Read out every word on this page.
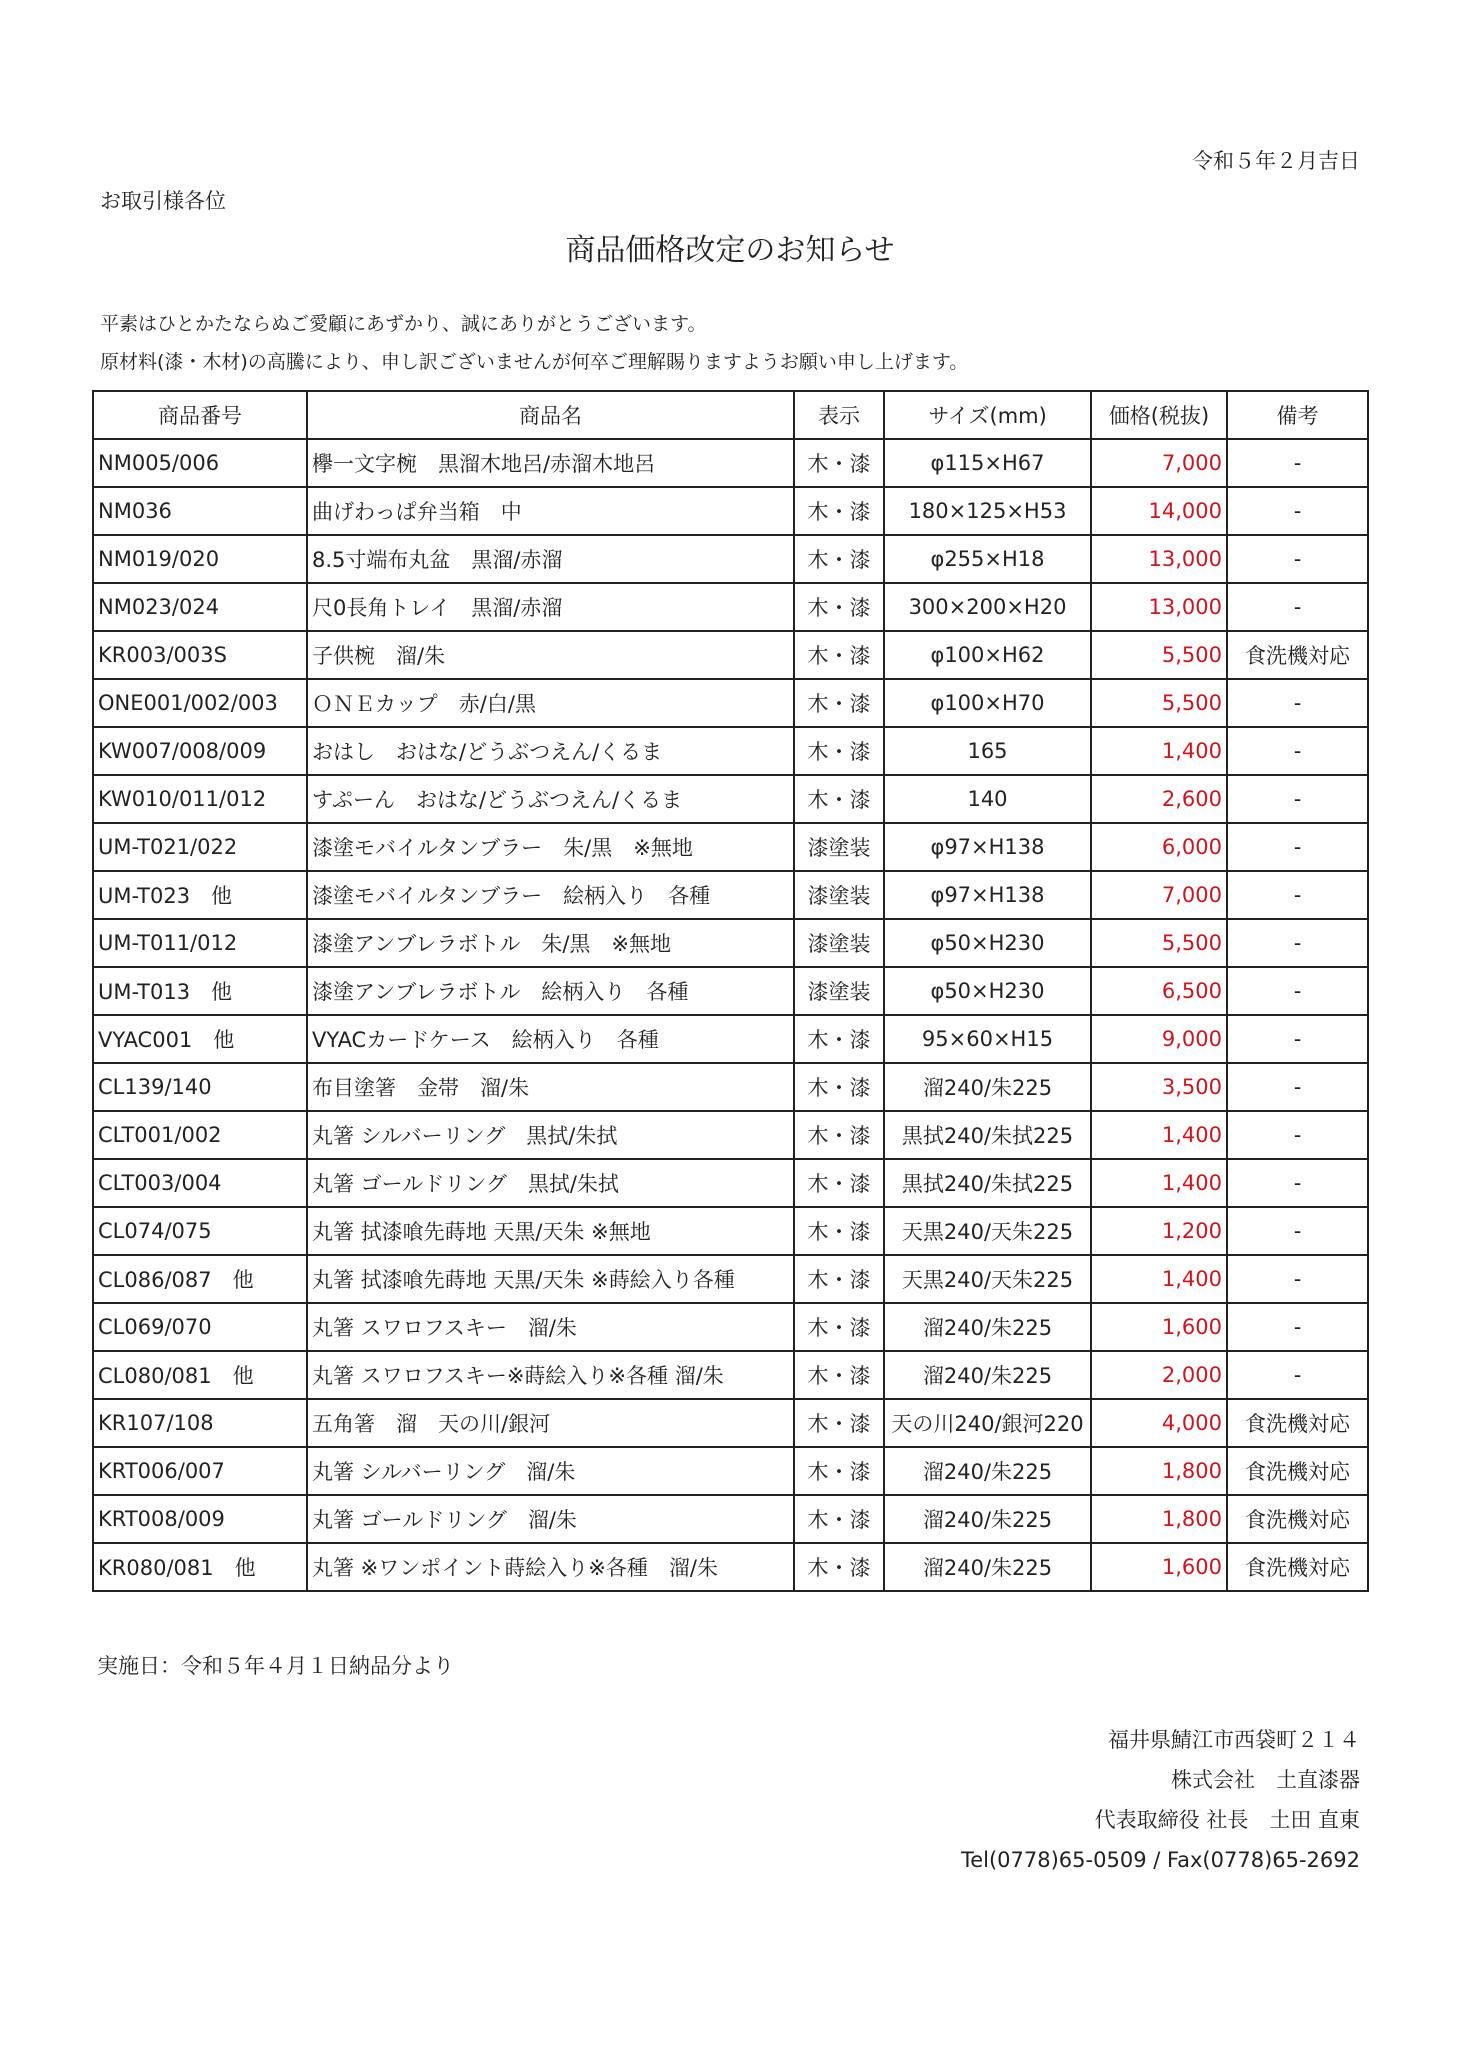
令和５年２月吉日
お取引様各位
商品価格改定のお知らせ
平素はひとかたならぬご愛顧にあずかり、誠にありがとうございます。
原材料(漆・木材)の高騰により、申し訳ございませんが何卒ご理解賜りますようお願い申し上げます。
商品番号	商品名	表示	サイズ(mm)	価格(税抜)	備考
NM005/006	欅一文字椀　黒溜木地呂/赤溜木地呂	木・漆	φ115×H67	7,000	-
NM036	曲げわっぱ弁当箱　中	木・漆	180×125×H53	14,000	-
NM019/020	8.5寸端布丸盆　黒溜/赤溜	木・漆	φ255×H18	13,000	-
NM023/024	尺0長角トレイ　黒溜/赤溜	木・漆	300×200×H20	13,000	-
KR003/003S	子供椀　溜/朱	木・漆	φ100×H62	5,500	食洗機対応
ONE001/002/003	ＯＮＥカップ　赤/白/黒	木・漆	φ100×H70	5,500	-
KW007/008/009	おはし　おはな/どうぶつえん/くるま	木・漆	165	1,400	-
KW010/011/012	すぷーん　おはな/どうぶつえん/くるま	木・漆	140	2,600	-
UM-T021/022	漆塗モバイルタンブラー　朱/黒　※無地	漆塗装	φ97×H138	6,000	-
UM-T023　他	漆塗モバイルタンブラー　絵柄入り　各種	漆塗装	φ97×H138	7,000	-
UM-T011/012	漆塗アンブレラボトル　朱/黒　※無地	漆塗装	φ50×H230	5,500	-
UM-T013　他	漆塗アンブレラボトル　絵柄入り　各種	漆塗装	φ50×H230	6,500	-
VYAC001　他	VYACカードケース　絵柄入り　各種	木・漆	95×60×H15	9,000	-
CL139/140	布目塗箸　金帯　溜/朱	木・漆	溜240/朱225	3,500	-
CLT001/002	丸箸 シルバーリング　黒拭/朱拭	木・漆	黒拭240/朱拭225	1,400	-
CLT003/004	丸箸 ゴールドリング　黒拭/朱拭	木・漆	黒拭240/朱拭225	1,400	-
CL074/075	丸箸 拭漆喰先蒔地 天黒/天朱 ※無地	木・漆	天黒240/天朱225	1,200	-
CL086/087　他	丸箸 拭漆喰先蒔地 天黒/天朱 ※蒔絵入り各種	木・漆	天黒240/天朱225	1,400	-
CL069/070	丸箸 スワロフスキー　溜/朱	木・漆	溜240/朱225	1,600	-
CL080/081　他	丸箸 スワロフスキー※蒔絵入り※各種 溜/朱	木・漆	溜240/朱225	2,000	-
KR107/108	五角箸　溜　天の川/銀河	木・漆	天の川240/銀河220	4,000	食洗機対応
KRT006/007	丸箸 シルバーリング　溜/朱	木・漆	溜240/朱225	1,800	食洗機対応
KRT008/009	丸箸 ゴールドリング　溜/朱	木・漆	溜240/朱225	1,800	食洗機対応
KR080/081　他	丸箸 ※ワンポイント蒔絵入り※各種　溜/朱	木・漆	溜240/朱225	1,600	食洗機対応
実施日：令和５年４月１日納品分より
福井県鯖江市西袋町２１４
株式会社　土直漆器
代表取締役 社長　土田 直東
Tel(0778)65-0509 / Fax(0778)65-2692
